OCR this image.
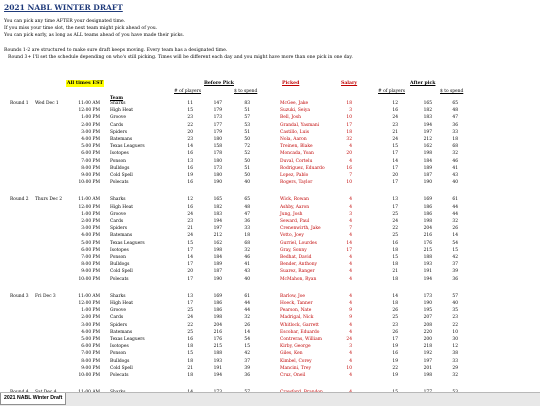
2021 NABL WINTER DRAFT
You can pick any time AFTER your designated time.
If you miss your time slot, the next team might pick ahead of you.
You can pick early, as long as ALL teams ahead of you have made their picks.
Rounds 1-2 are structured to make sure draft keeps moving. Every team has a designated time.
Round 3+ I'll set the schedule depending on who's still picking. Times will be different each day and you might have more than one pick in one day.
All times EST	Before Pick	Picked	Salary	After pick
# of players	$ to spend	# of players	$ to spend
Team
Round 1 Wed Dec 1	11:00 AM Sharks	11	147	83	McGee, Jake	18	12	165	65
12:00 PM High Heat	15	179	51	Suzuki, Seiya	3	16	182	48
1:00 PM Groove	23	173	57	Bell, Josh	10	24	183	47
2:00 PM Cards	22	177	53	Grandal, Yasmani	17	23	194	36
3:00 PM Spiders	20	179	51	Castillo, Luis	18	21	197	33
4:00 PM Batemans	23	180	50	Nola, Aaron	32	24	212	18
5:00 PM Texas Leaguers	14	158	72	Treinen, Blake	4	15	162	68
6:00 PM Isotopes	16	178	52	Moncada, Yoan	20	17	198	32
7:00 PM Ponson	13	180	50	Duval, Cortelu	4	14	184	46
8:00 PM Bulldogs	16	173	51	Rodriguez, Eduardo	16	17	189	41
9:00 PM Cold Spell	19	180	50	Lopez, Pablo	7	20	187	43
10:00 PM Polecats	16	190	40	Rogers, Taylor	10	17	190	40
Round 2 Thurs Dec 2	11:00 AM Sharks	12	165	65	Wick, Rowan	4	13	169	61
12:00 PM High Heat	16	182	48	Ashby, Aaron	4	17	186	44
1:00 PM Groove	24	183	47	Jung, Josh	3	25	186	44
2:00 PM Cards	23	194	36	Seward, Paul	4	24	198	32
3:00 PM Spiders	21	197	33	Crenenwirth, Jake	7	22	204	26
4:00 PM Batemans	24	212	18	Votto, Joey	4	25	216	14
5:00 PM Texas Leaguers	15	162	68	Gurriel, Lourdes	14	16	176	54
6:00 PM Isotopes	17	198	32	Gray, Sonny	17	18	215	15
7:00 PM Ponson	14	184	46	Bedhat, David	4	15	188	42
8:00 PM Bulldogs	17	189	41	Bender, Anthony	4	18	193	37
9:00 PM Cold Spell	20	187	43	Suarez, Ranger	4	21	191	39
10:00 PM Polecats	17	190	40	McMahon, Ryan	4	18	194	36
Round 3 Fri Dec 3	11:00 AM Sharks	13	169	61	Barlow, Joe	4	14	173	57
12:00 PM High Heat	17	186	44	Hoeck, Tanner	4	18	190	40
1:00 PM Groove	25	186	44	Pearson, Nate	9	26	195	35
2:00 PM Cards	24	198	32	Madrigal, Nick	9	25	207	23
3:00 PM Spiders	22	204	26	Whitlock, Garrett	4	23	208	22
4:00 PM Batemans	25	216	14	Escobar, Eduardo	4	26	220	10
5:00 PM Texas Leaguers	16	176	54	Contreras, William	24	17	200	30
6:00 PM Isotopes	18	215	15	Kirby, George	3	19	218	12
7:00 PM Ponson	15	188	42	Giles, Ken	4	16	192	38
8:00 PM Bulldogs	18	193	37	Kimbel, Corey	4	19	197	33
9:00 PM Cold Spell	21	191	39	Mancini, Trey	10	22	201	29
10:00 PM Polecats	18	194	36	Cruz, Oneil	4	19	198	32
2021 NABL Winter Draft
